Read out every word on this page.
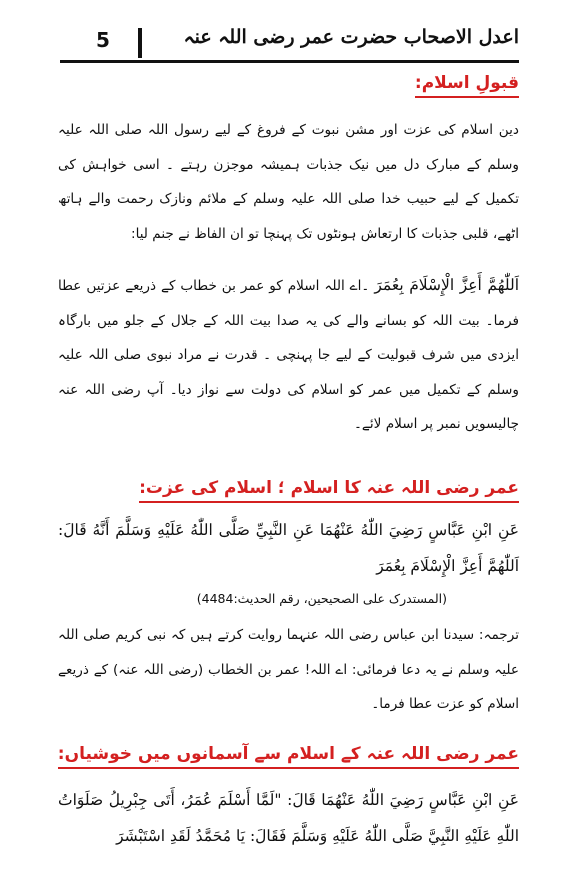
اعدل الاصحاب حضرت عمر رضی اللہ عنہ
5
قبولِ اسلام:

دین اسلام کی عزت اور مشن نبوت کے فروغ کے لیے رسول اللہ صلی اللہ علیہ وسلم کے مبارک دل میں نیک جذبات ہمیشہ موجزن رہتے ۔ اسی خواہش کی تکمیل کے لیے حبیب خدا صلی اللہ علیہ وسلم کے ملائم ونازک رحمت والے ہاتھ اٹھے، قلبی جذبات کا ارتعاش ہونٹوں تک پہنچا تو ان الفاظ نے جنم لیا:

اَللّٰهُمَّ أَعِزَّ الْإِسْلَامَ بِعُمَرَ ۔اے اللہ اسلام کو عمر بن خطاب کے ذریعے عزتیں عطا فرما۔ بیت اللہ کو بسانے والے کی یہ صدا بیت اللہ کے جلال کے جلو میں بارگاہ ایزدی میں شرف قبولیت کے لیے جا پہنچی ۔ قدرت نے مراد نبوی صلی اللہ علیہ وسلم کے تکمیل میں عمر کو اسلام کی دولت سے نواز دیا۔ آپ رضی اللہ عنہ چالیسویں نمبر پر اسلام لائے۔

عمر رضی اللہ عنہ کا اسلام ؛ اسلام کی عزت:
عَنِ ابْنِ عَبَّاسٍ رَضِيَ اللّٰهُ عَنْهُمَا عَنِ النَّبِيِّ صَلَّى اللّٰهُ عَلَيْهِ وَسَلَّمَ أَنَّهُ قَالَ: اَللّٰهُمَّ أَعِزَّ الْإِسْلَامَ بِعُمَرَ
(المستدرک علی الصحیحین، رقم الحدیث:4484)

ترجمہ: سیدنا ابن عباس رضی اللہ عنہما روایت کرتے ہیں کہ نبی کریم صلی اللہ علیہ وسلم نے یہ دعا فرمائی: اے اللہ! عمر بن الخطاب (رضی اللہ عنہ) کے ذریعے اسلام کو عزت عطا فرما۔

عمر رضی اللہ عنہ کے اسلام سے آسمانوں میں خوشیاں:
عَنِ ابْنِ عَبَّاسٍ رَضِيَ اللّٰهُ عَنْهُمَا قَالَ: "لَمَّا أَسْلَمَ عُمَرُ، أَتَى جِبْرِيلُ صَلَوَاتُ اللّٰهِ عَلَيْهِ النَّبِيَّ صَلَّى اللّٰهُ عَلَيْهِ وَسَلَّمَ فَقَالَ: يَا مُحَمَّدُ لَقَدِ اسْتَبْشَرَ
